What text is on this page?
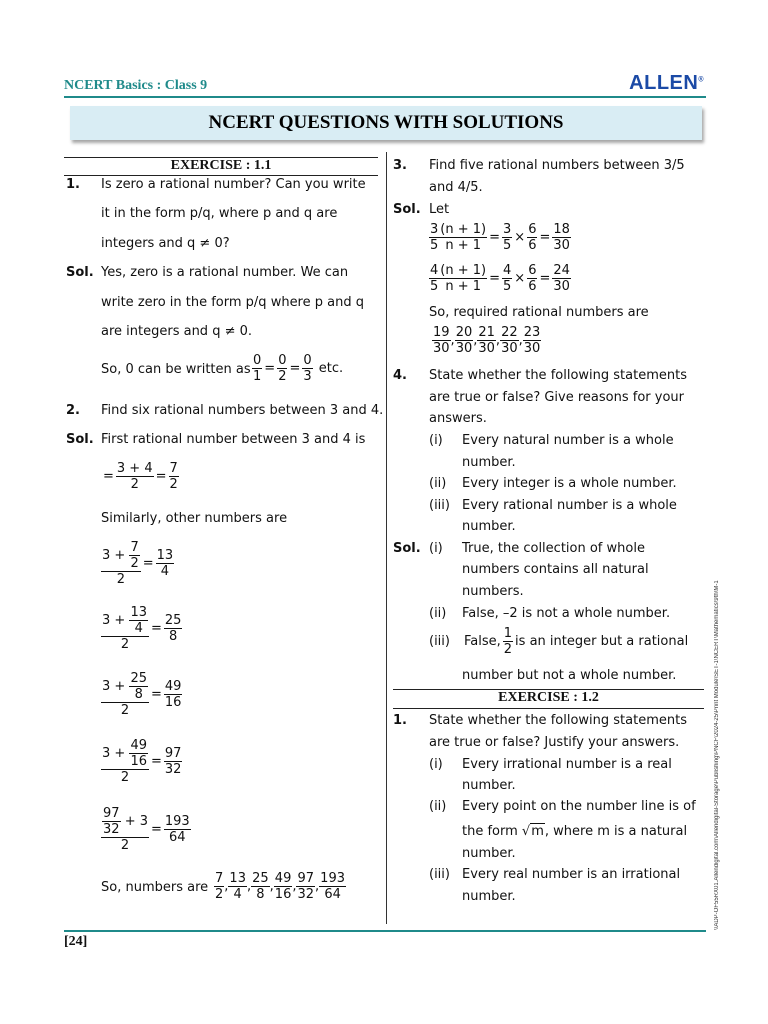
NCERT Basics : Class 9	ALLEN®
NCERT QUESTIONS WITH SOLUTIONS
EXERCISE : 1.1
1. Is zero a rational number? Can you write
it in the form p/q, where p and q are
integers and q ≠ 0?
Sol. Yes, zero is a rational number. We can
write zero in the form p/q where p and q
are integers and q ≠ 0.
So, 0 can be written as $\frac{0}{1} = \frac{0}{2} = \frac{0}{3}$ etc.
2. Find six rational numbers between 3 and 4.
Sol. First rational number between 3 and 4 is
= $\frac{3 + 4}{2} = \frac{7}{2}$
Similarly, other numbers are
$\frac{3 + \frac{7}{2}}{2} = \frac{13}{4}$
$\frac{3 + \frac{13}{4}}{2} = \frac{25}{8}$
$\frac{3 + \frac{25}{8}}{2} = \frac{49}{16}$
$\frac{3 + \frac{49}{16}}{2} = \frac{97}{32}$
$\frac{\frac{97}{32} + 3}{2} = \frac{193}{64}$
So, numbers are $\frac{7}{2}$ , $\frac{13}{4}$ , $\frac{25}{8}$ , $\frac{49}{16}$ , $\frac{97}{32}$ , $\frac{193}{64}$
3. Find five rational numbers between 3/5
and 4/5.
Sol. Let
$\frac{3}{5} \frac{(n + 1)}{n + 1} = \frac{3}{5} \times \frac{6}{6} = \frac{18}{30}$
$\frac{4}{5} \frac{(n + 1)}{n + 1} = \frac{4}{5} \times \frac{6}{6} = \frac{24}{30}$
So, required rational numbers are
$\frac{19}{30}$ , $\frac{20}{30}$ , $\frac{21}{30}$ , $\frac{22}{30}$ , $\frac{23}{30}$
4. State whether the following statements
are true or false? Give reasons for your
answers.
(i) Every natural number is a whole
number.
(ii) Every integer is a whole number.
(iii) Every rational number is a whole
number.
Sol. (i) True, the collection of whole
numbers contains all natural
numbers.
(ii) False, –2 is not a whole number.
(iii) False, $\frac{1}{2}$ is an integer but a rational
number but not a whole number.
EXERCISE : 1.2
1. State whether the following statements
are true or false? Justify your answers.
(i) Every irrational number is a real
number.
(ii) Every point on the number line is of
the form √m, where m is a natural
number.
(iii) Every real number is an irrational
number.
[24]
\\ADP-OF55RX01.Allendigital.com\Allendigital-Storage\Publishing\PNCF\2024-25\Print Module\SET-1\NCERT\Mathematics\9th\M-1
